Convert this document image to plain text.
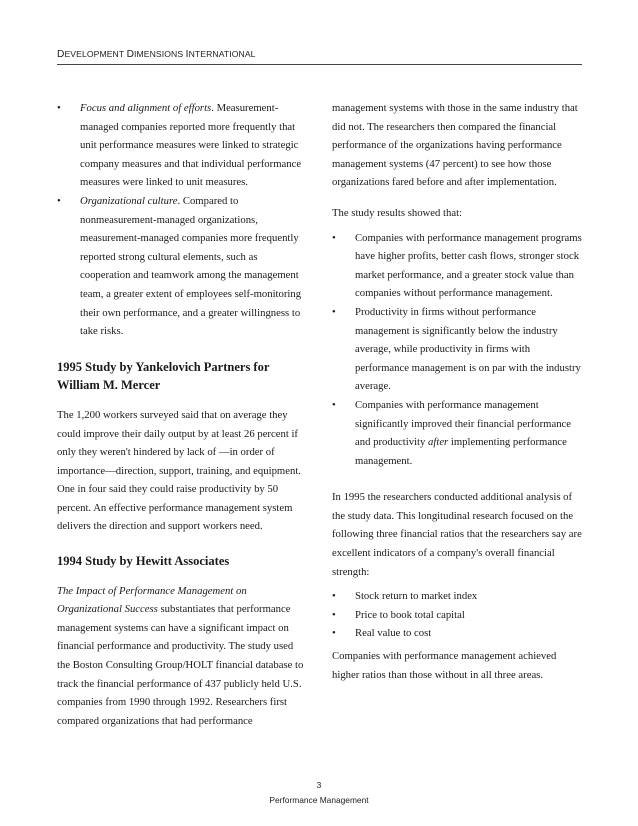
DEVELOPMENT DIMENSIONS INTERNATIONAL
•
Focus and alignment of efforts. Measurement-managed companies reported more frequently that unit performance measures were linked to strategic company measures and that individual performance measures were linked to unit measures.
•
Organizational culture. Compared to nonmeasurement-managed organizations, measurement-managed companies more frequently reported strong cultural elements, such as cooperation and teamwork among the management team, a greater extent of employees self-monitoring their own performance, and a greater willingness to take risks.
1995 Study by Yankelovich Partners for William M. Mercer

The 1,200 workers surveyed said that on average they could improve their daily output by at least 26 percent if only they weren't hindered by lack of —in order of importance—direction, support, training, and equipment. One in four said they could raise productivity by 50 percent. An effective performance management system delivers the direction and support workers need.

1994 Study by Hewitt Associates

The Impact of Performance Management on Organizational Success substantiates that performance management systems can have a significant impact on financial performance and productivity. The study used the Boston Consulting Group/HOLT financial database to track the financial performance of 437 publicly held U.S. companies from 1990 through 1992. Researchers first compared organizations that had performance

management systems with those in the same industry that did not. The researchers then compared the financial performance of the organizations having performance management systems (47 percent) to see how those organizations fared before and after implementation.

The study results showed that:

•
Companies with performance management programs have higher profits, better cash flows, stronger stock market performance, and a greater stock value than companies without performance management.
•
Productivity in firms without performance management is significantly below the industry average, while productivity in firms with performance management is on par with the industry average.
•
Companies with performance management significantly improved their financial performance and productivity after implementing performance management.

In 1995 the researchers conducted additional analysis of the study data. This longitudinal research focused on the following three financial ratios that the researchers say are excellent indicators of a company's overall financial strength:

•
Stock return to market index
•
Price to book total capital
•
Real value to cost

Companies with performance management achieved higher ratios than those without in all three areas.

3
Performance Management
